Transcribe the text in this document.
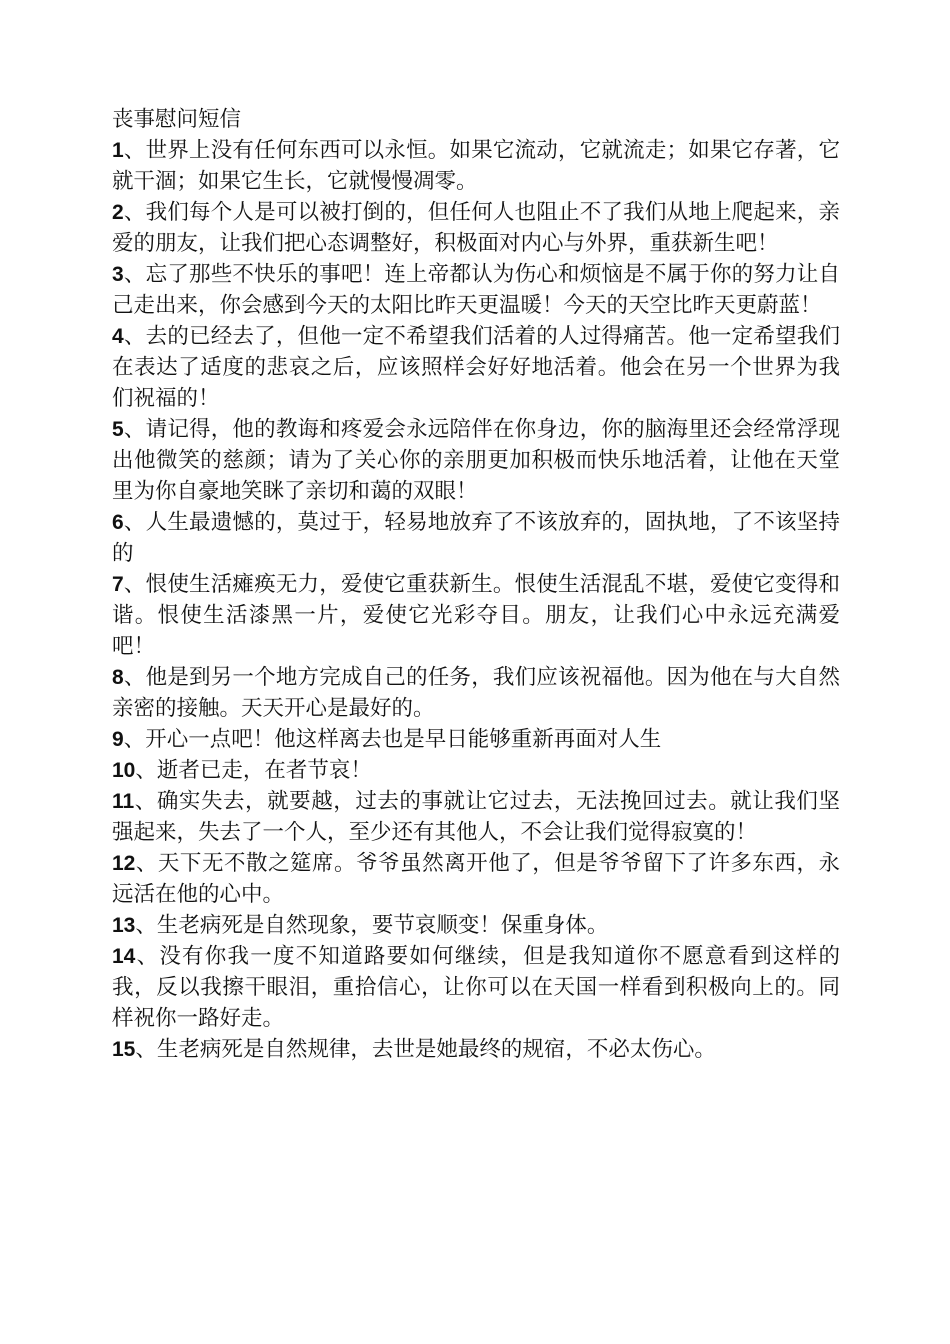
丧事慰问短信
1、世界上没有任何东西可以永恒。如果它流动，它就流走；如果它存著，它就干涸；如果它生长，它就慢慢凋零。
2、我们每个人是可以被打倒的，但任何人也阻止不了我们从地上爬起来，亲爱的朋友，让我们把心态调整好，积极面对内心与外界，重获新生吧！
3、忘了那些不快乐的事吧！连上帝都认为伤心和烦恼是不属于你的努力让自己走出来，你会感到今天的太阳比昨天更温暖！今天的天空比昨天更蔚蓝！
4、去的已经去了，但他一定不希望我们活着的人过得痛苦。他一定希望我们在表达了适度的悲哀之后，应该照样会好好地活着。他会在另一个世界为我们祝福的！
5、请记得，他的教诲和疼爱会永远陪伴在你身边，你的脑海里还会经常浮现出他微笑的慈颜；请为了关心你的亲朋更加积极而快乐地活着，让他在天堂里为你自豪地笑眯了亲切和蔼的双眼！
6、人生最遗憾的，莫过于，轻易地放弃了不该放弃的，固执地，了不该坚持的
7、恨使生活瘫痪无力，爱使它重获新生。恨使生活混乱不堪，爱使它变得和谐。恨使生活漆黑一片，爱使它光彩夺目。朋友，让我们心中永远充满爱吧！
8、他是到另一个地方完成自己的任务，我们应该祝福他。因为他在与大自然亲密的接触。天天开心是最好的。
9、开心一点吧！他这样离去也是早日能够重新再面对人生
10、逝者已走，在者节哀！
11、确实失去，就要越，过去的事就让它过去，无法挽回过去。就让我们坚强起来，失去了一个人，至少还有其他人，不会让我们觉得寂寞的！
12、天下无不散之筵席。爷爷虽然离开他了，但是爷爷留下了许多东西，永远活在他的心中。
13、生老病死是自然现象，要节哀顺变！保重身体。
14、没有你我一度不知道路要如何继续，但是我知道你不愿意看到这样的我，反以我擦干眼泪，重拾信心，让你可以在天国一样看到积极向上的。同样祝你一路好走。
15、生老病死是自然规律，去世是她最终的规宿，不必太伤心。
